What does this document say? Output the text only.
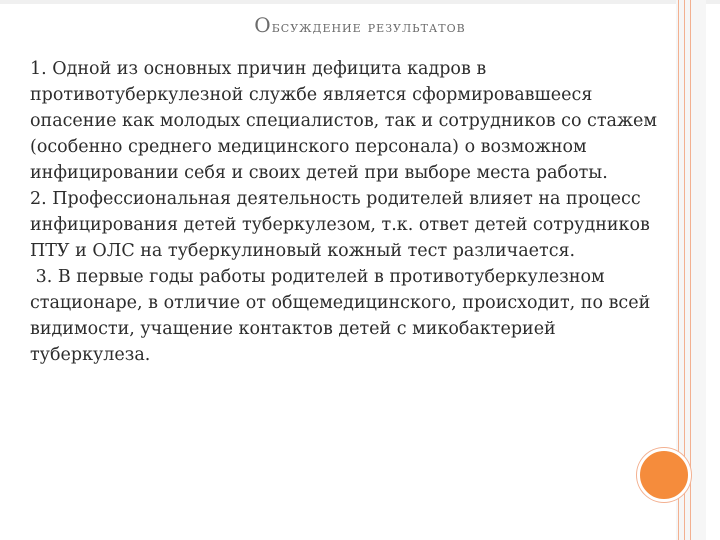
Обсуждение результатов

1. Одной из основных причин дефицита кадров в противотуберкулезной службе является сформировавшееся опасение как молодых специалистов, так и сотрудников со стажем (особенно среднего медицинского персонала) о возможном инфицировании себя и своих детей при выборе места работы.

2. Профессиональная деятельность родителей влияет на процесс инфицирования детей туберкулезом, т.к. ответ детей сотрудников ПТУ и ОЛС на туберкулиновый кожный тест различается.

3. В первые годы работы родителей в противотуберкулезном стационаре, в отличие от общемедицинского, происходит, по всей видимости, учащение контактов детей с микобактерией туберкулеза.
